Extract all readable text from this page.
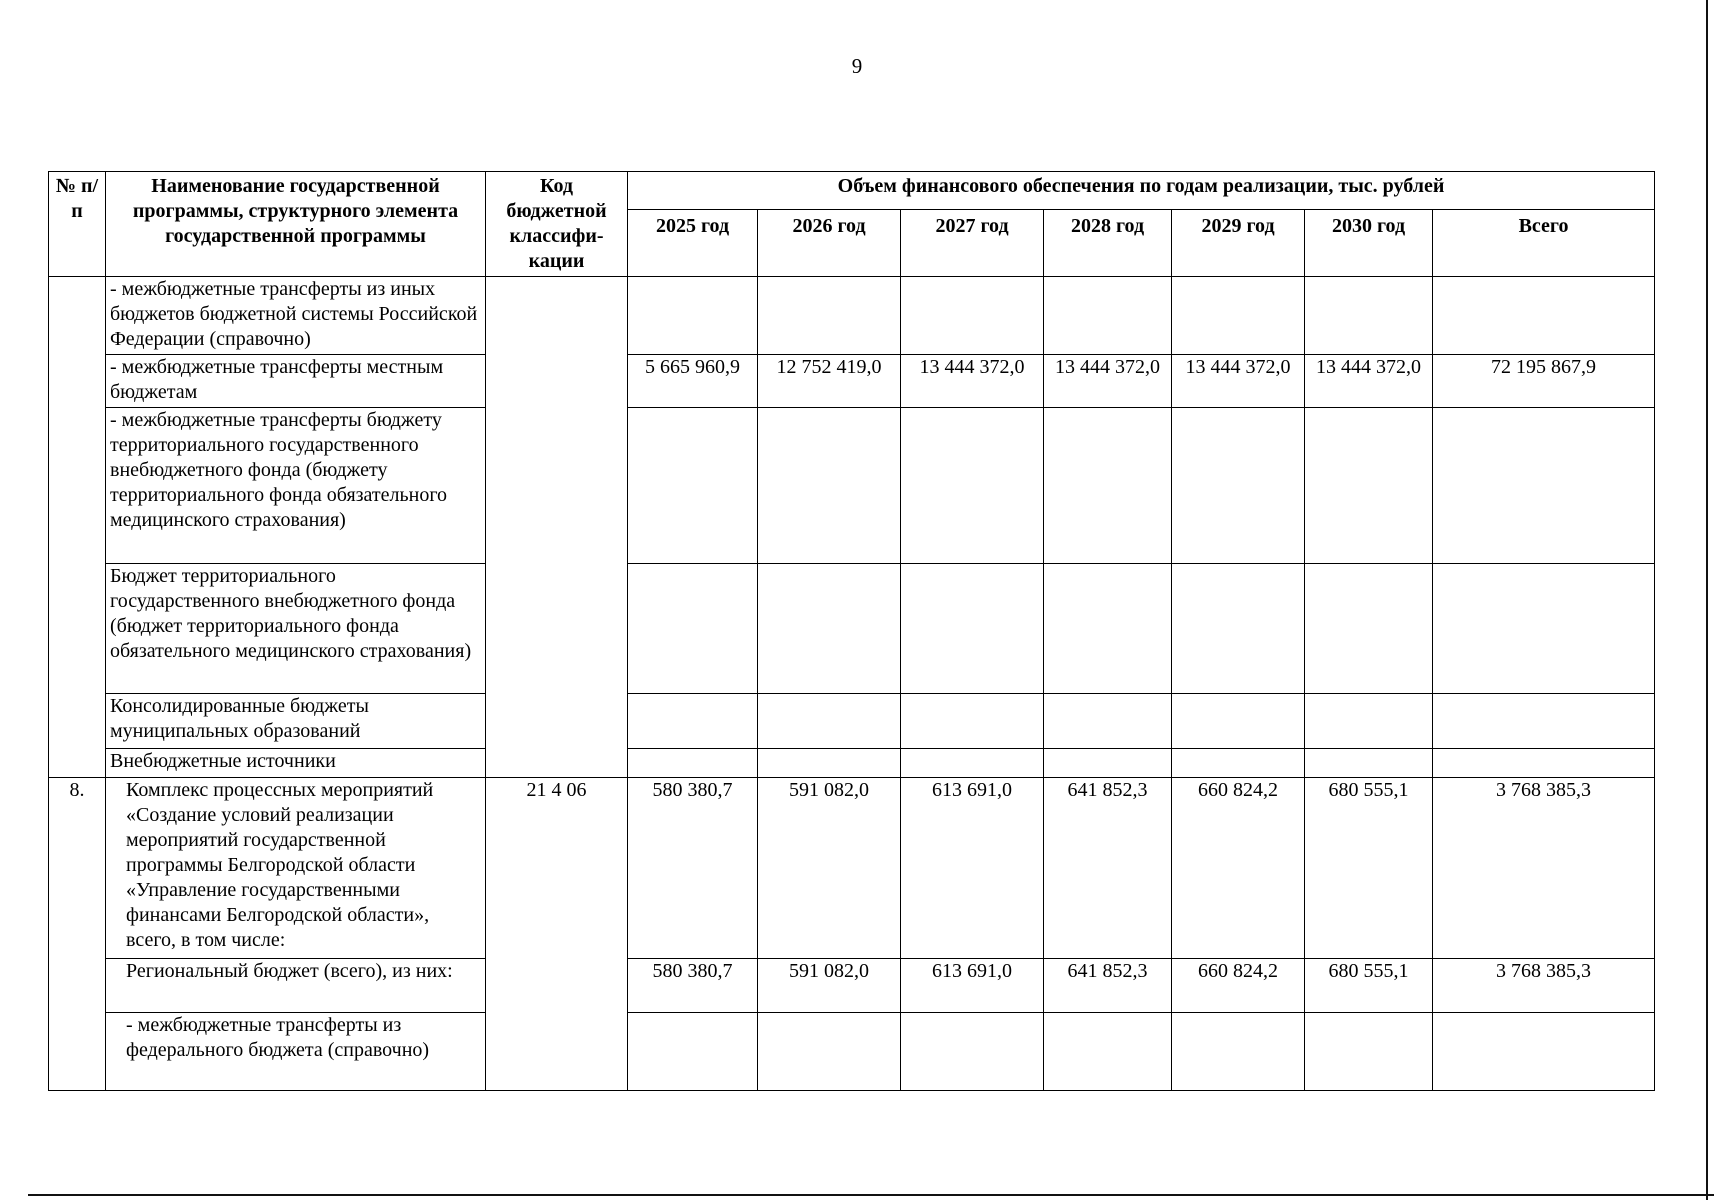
9
№ п/п	Наименование государственной программы, структурного элемента государственной программы	Код бюджетной классифи-кации	Объем финансового обеспечения по годам реализации, тыс. рублей						
			2025 год	2026 год	2027 год	2028 год	2029 год	2030 год	Всего
	- межбюджетные трансферты из иных бюджетов бюджетной системы Российской Федерации (справочно)								
	- межбюджетные трансферты местным бюджетам		5 665 960,9	12 752 419,0	13 444 372,0	13 444 372,0	13 444 372,0	13 444 372,0	72 195 867,9
	- межбюджетные трансферты бюджету территориального государственного внебюджетного фонда (бюджету территориального фонда обязательного медицинского страхования)								
	Бюджет территориального государственного внебюджетного фонда (бюджет территориального фонда обязательного медицинского страхования)								
	Консолидированные бюджеты муниципальных образований								
	Внебюджетные источники								
8.	Комплекс процессных мероприятий «Создание условий реализации мероприятий государственной программы Белгородской области «Управление государственными финансами Белгородской области», всего, в том числе:	21 4 06	580 380,7	591 082,0	613 691,0	641 852,3	660 824,2	680 555,1	3 768 385,3
	Региональный бюджет (всего), из них:		580 380,7	591 082,0	613 691,0	641 852,3	660 824,2	680 555,1	3 768 385,3
	- межбюджетные трансферты из федерального бюджета (справочно)								
